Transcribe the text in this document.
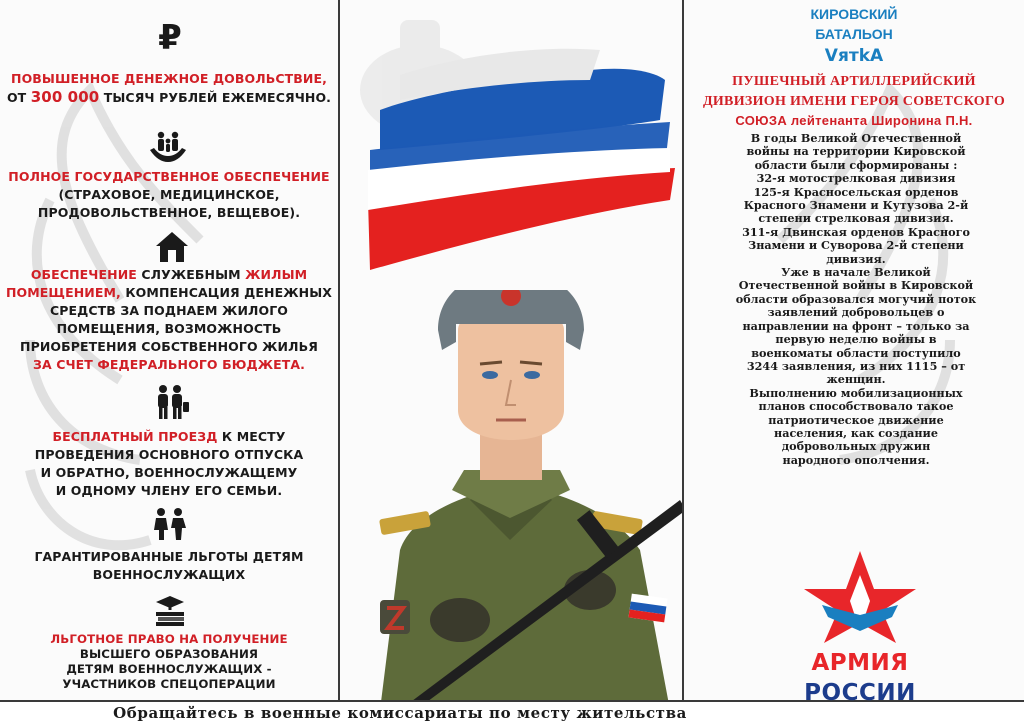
₽
ПОВЫШЕННОЕ ДЕНЕЖНОЕ ДОВОЛЬСТВИЕ,
ОТ 300 000 ТЫСЯЧ РУБЛЕЙ ЕЖЕМЕСЯЧНО.
ПОЛНОЕ ГОСУДАРСТВЕННОЕ ОБЕСПЕЧЕНИЕ
(СТРАХОВОЕ, МЕДИЦИНСКОЕ,
ПРОДОВОЛЬСТВЕННОЕ, ВЕЩЕВОЕ).
ОБЕСПЕЧЕНИЕ СЛУЖЕБНЫМ ЖИЛЫМ
ПОМЕЩЕНИЕМ, КОМПЕНСАЦИЯ ДЕНЕЖНЫХ
СРЕДСТВ ЗА ПОДНАЕМ ЖИЛОГО
ПОМЕЩЕНИЯ, ВОЗМОЖНОСТЬ
ПРИОБРЕТЕНИЯ СОБСТВЕННОГО ЖИЛЬЯ
ЗА СЧЕТ ФЕДЕРАЛЬНОГО БЮДЖЕТА.
БЕСПЛАТНЫЙ ПРОЕЗД К МЕСТУ
ПРОВЕДЕНИЯ ОСНОВНОГО ОТПУСКА
И ОБРАТНО, ВОЕННОСЛУЖАЩЕМУ
И ОДНОМУ ЧЛЕНУ ЕГО СЕМЬИ.
ГАРАНТИРОВАННЫЕ ЛЬГОТЫ ДЕТЯМ
ВОЕННОСЛУЖАЩИХ
ЛЬГОТНОЕ ПРАВО НА ПОЛУЧЕНИЕ
ВЫСШЕГО ОБРАЗОВАНИЯ
ДЕТЯМ ВОЕННОСЛУЖАЩИХ -
УЧАСТНИКОВ СПЕЦОПЕРАЦИИ
КИРОВСКИЙ
БАТАЛЬОН
VятkА
ПУШЕЧНЫЙ АРТИЛЛЕРИЙСКИЙ
ДИВИЗИОН ИМЕНИ ГЕРОЯ СОВЕТСКОГО
СОЮЗА лейтенанта Широнина П.Н.
В годы Великой Отечественной
войны на территории Кировской
области были сформированы :
32-я мотострелковая дивизия
125-я Красносельская орденов
Красного Знамени и Кутузова 2-й
степени стрелковая дивизия.
311-я Двинская орденов Красного
Знамени и Суворова 2-й степени
дивизия.
Уже в начале Великой
Отечественной войны в Кировской
области образовался могучий поток
заявлений добровольцев о
направлении на фронт – только за
первую неделю войны в
военкоматы области поступило
3244 заявления, из них 1115 – от
женщин.
Выполнению мобилизационных
планов способствовало такое
патриотическое движение
населения, как создание
добровольных дружин
народного ополчения.
АРМИЯ
РОССИИ
Обращайтесь в военные комиссариаты по месту жительства
